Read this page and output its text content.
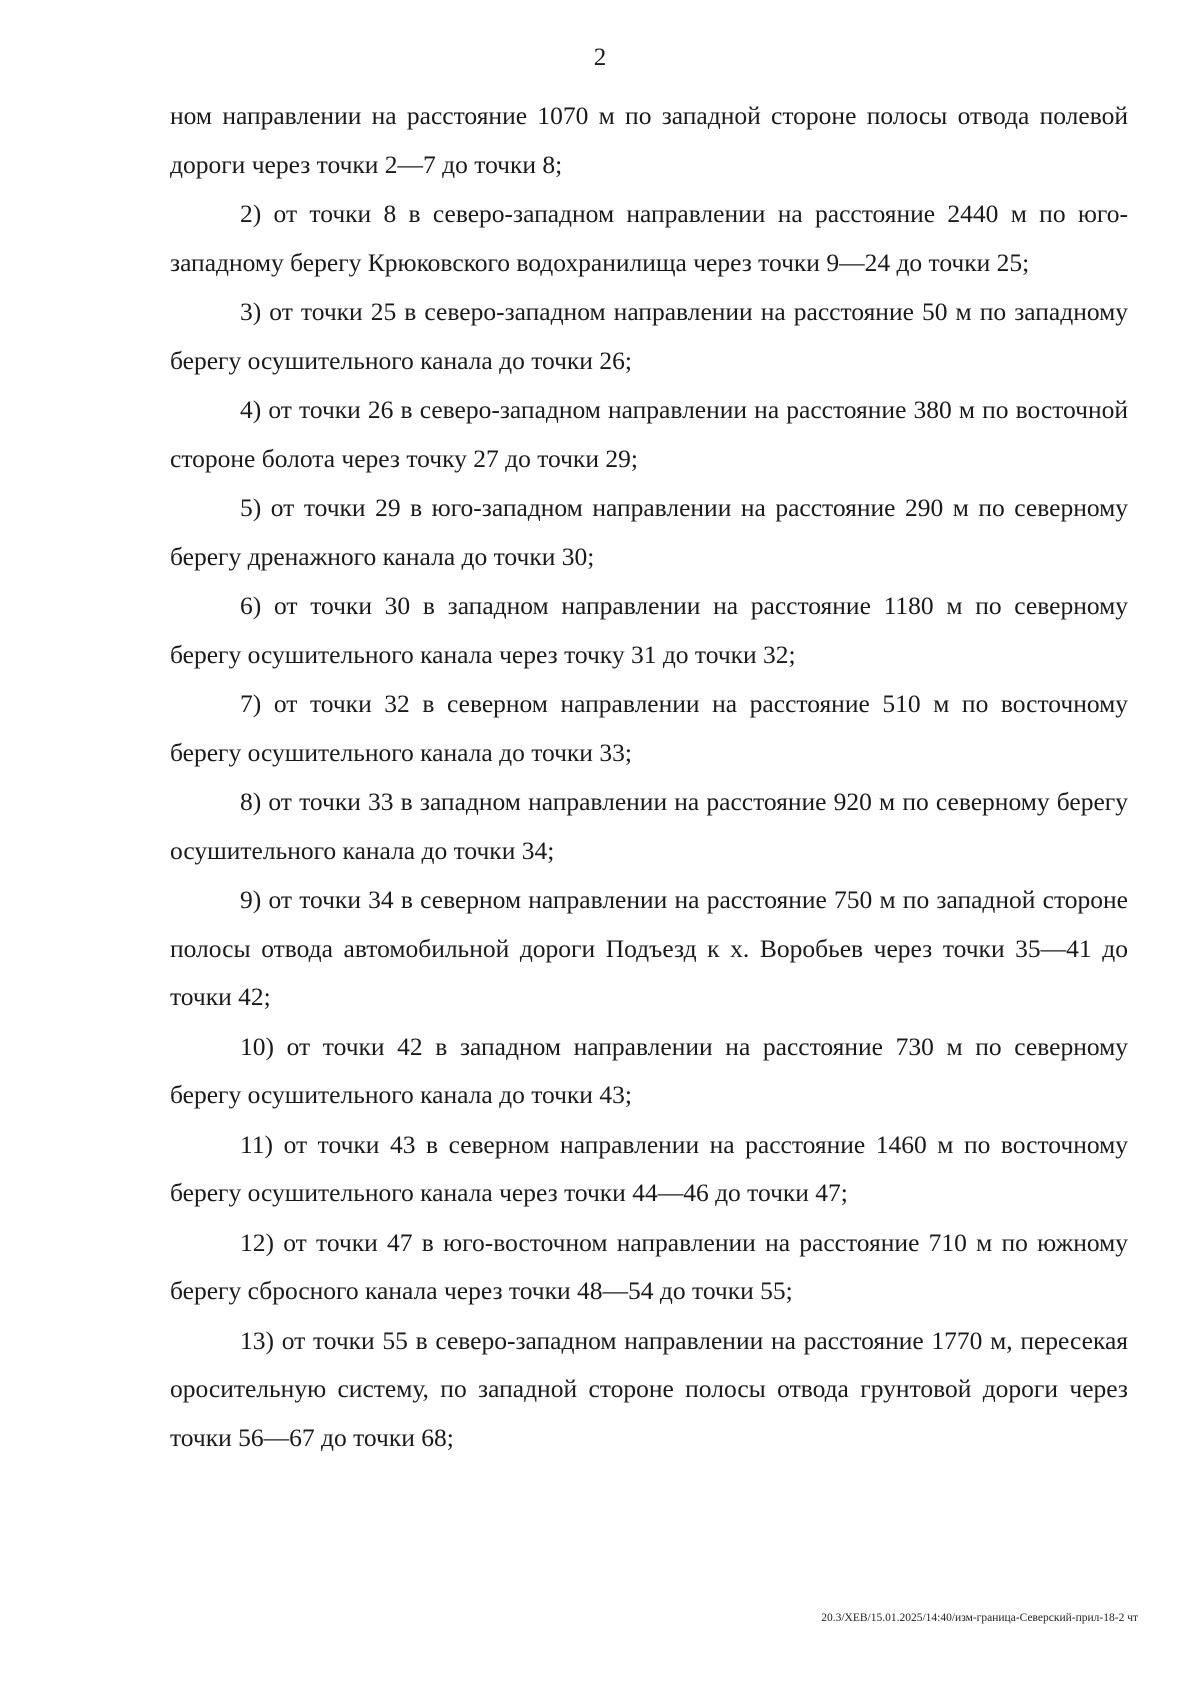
2

ном направлении на расстояние 1070 м по западной стороне полосы отвода полевой дороги через точки 2—7 до точки 8;

2) от точки 8 в северо-западном направлении на расстояние 2440 м по юго-западному берегу Крюковского водохранилища через точки 9—24 до точки 25;

3) от точки 25 в северо-западном направлении на расстояние 50 м по западному берегу осушительного канала до точки 26;

4) от точки 26 в северо-западном направлении на расстояние 380 м по восточной стороне болота через точку 27 до точки 29;

5) от точки 29 в юго-западном направлении на расстояние 290 м по северному берегу дренажного канала до точки 30;

6) от точки 30 в западном направлении на расстояние 1180 м по северному берегу осушительного канала через точку 31 до точки 32;

7) от точки 32 в северном направлении на расстояние 510 м по восточному берегу осушительного канала до точки 33;

8) от точки 33 в западном направлении на расстояние 920 м по северному берегу осушительного канала до точки 34;

9) от точки 34 в северном направлении на расстояние 750 м по западной стороне полосы отвода автомобильной дороги Подъезд к х. Воробьев через точки 35—41 до точки 42;

10) от точки 42 в западном направлении на расстояние 730 м по северному берегу осушительного канала до точки 43;

11) от точки 43 в северном направлении на расстояние 1460 м по восточному берегу осушительного канала через точки 44—46 до точки 47;

12) от точки 47 в юго-восточном направлении на расстояние 710 м по южному берегу сбросного канала через точки 48—54 до точки 55;

13) от точки 55 в северо-западном направлении на расстояние 1770 м, пересекая оросительную систему, по западной стороне полосы отвода грунтовой дороги через точки 56—67 до точки 68;

20.3/ХЕВ/15.01.2025/14:40/изм-граница-Северский-прил-18-2 чт
